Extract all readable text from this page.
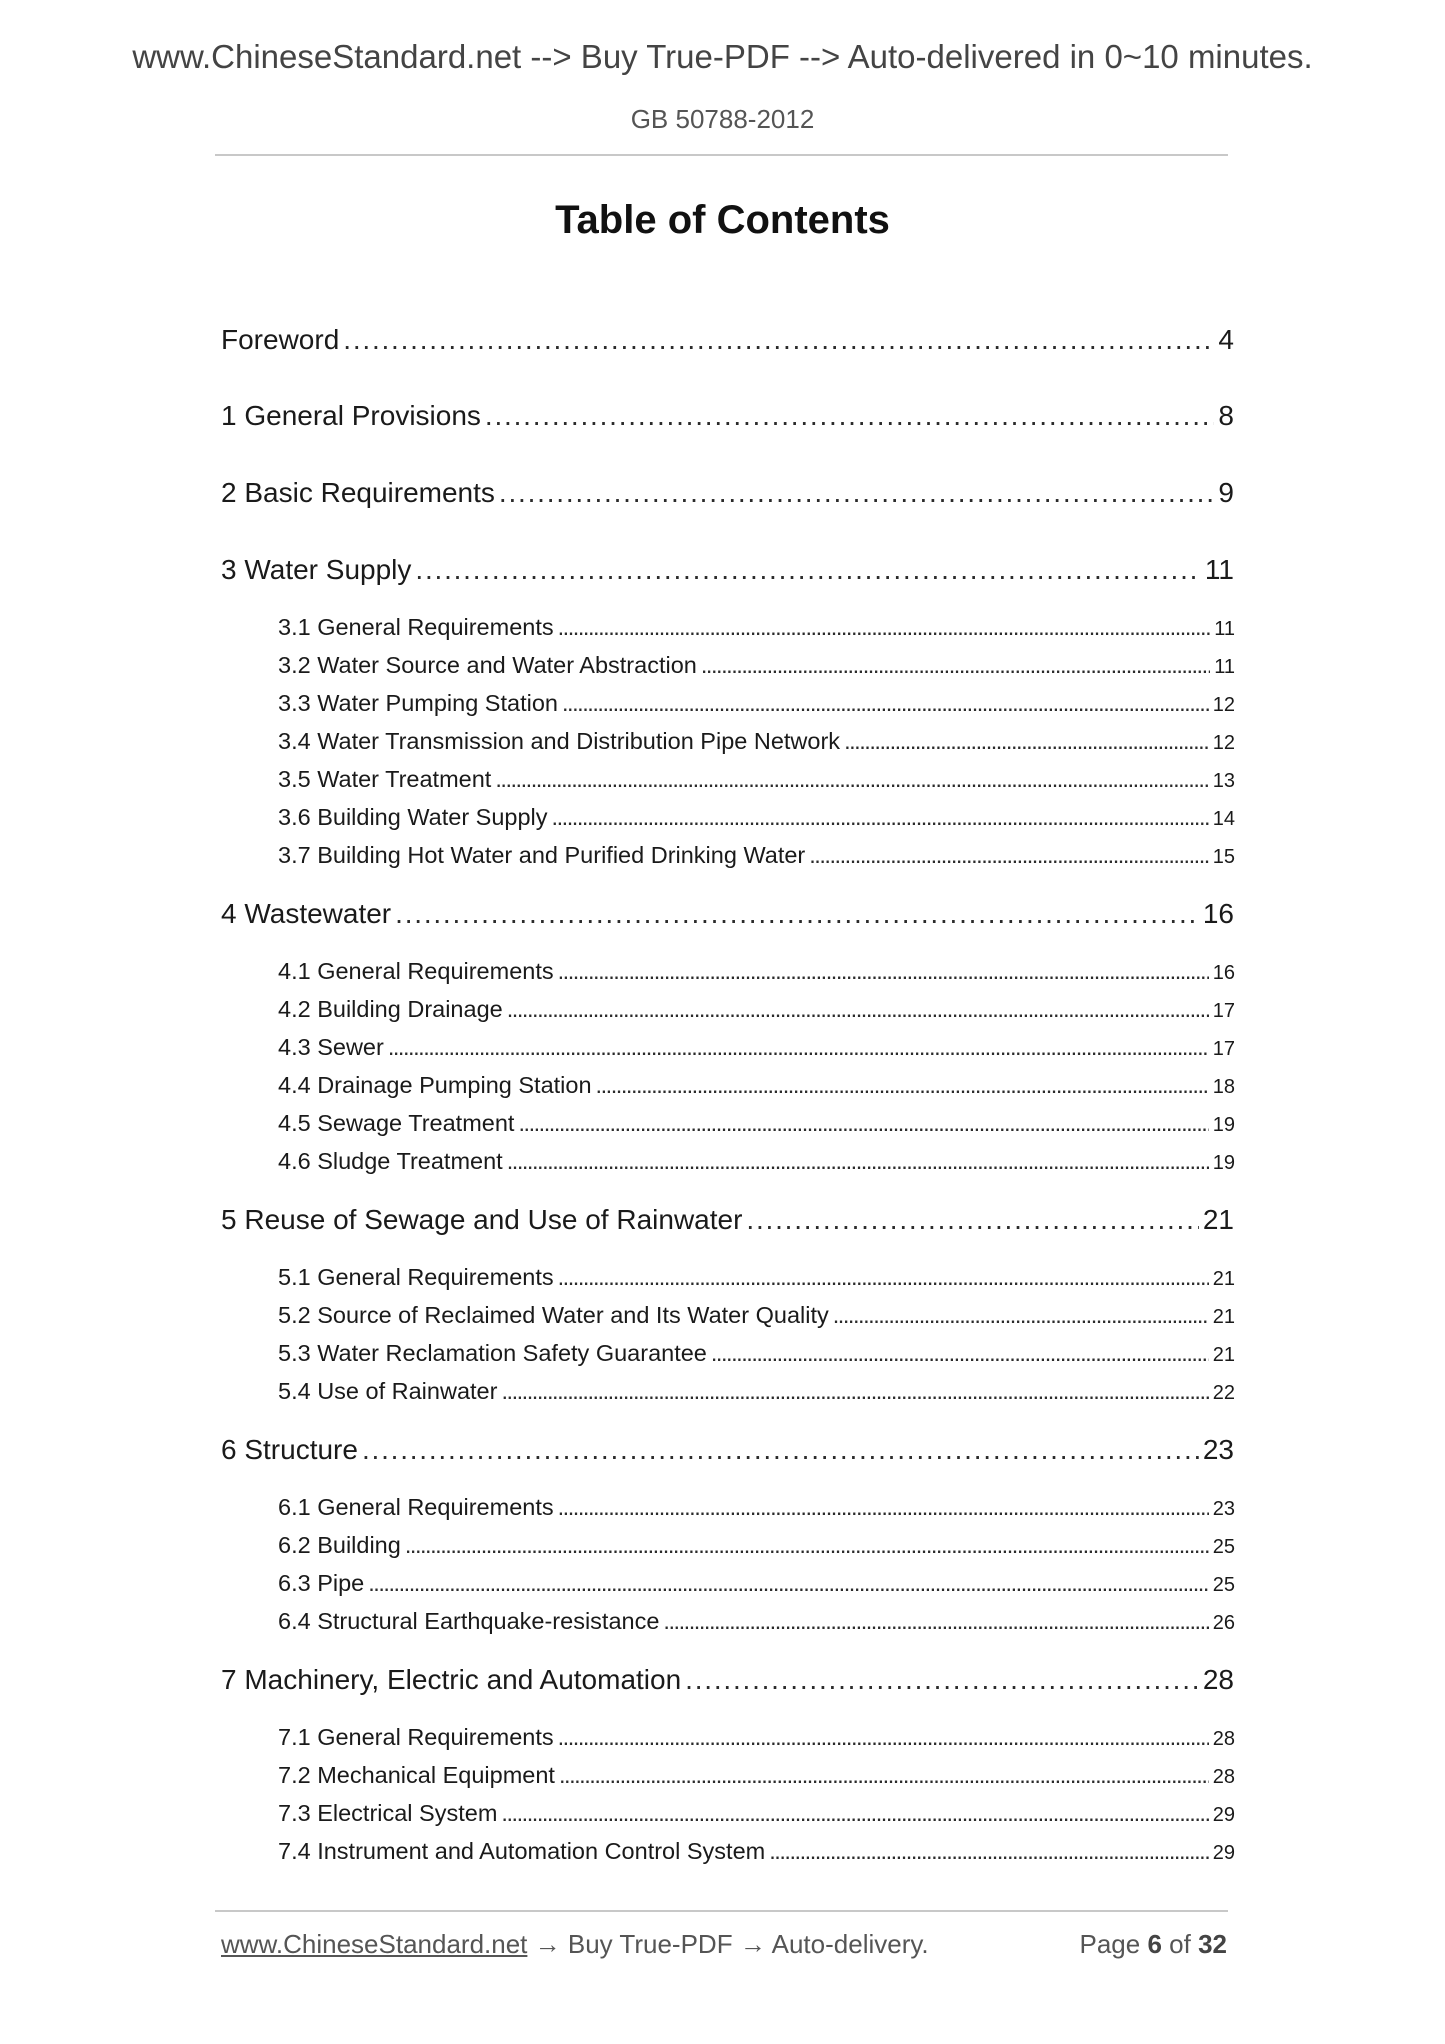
www.ChineseStandard.net --> Buy True-PDF --> Auto-delivered in 0~10 minutes.
GB 50788-2012
Table of Contents
Foreword . . .	4
1 General Provisions . . .	8
2 Basic Requirements . . .	9
3 Water Supply . . .	11
3.1 General Requirements . . .	11
3.2 Water Source and Water Abstraction . . .	11
3.3 Water Pumping Station . . .	12
3.4 Water Transmission and Distribution Pipe Network . . .	12
3.5 Water Treatment . . .	13
3.6 Building Water Supply . . .	14
3.7 Building Hot Water and Purified Drinking Water . . .	15
4 Wastewater . . .	16
4.1 General Requirements . . .	16
4.2 Building Drainage . . .	17
4.3 Sewer . . .	17
4.4 Drainage Pumping Station . . .	18
4.5 Sewage Treatment . . .	19
4.6 Sludge Treatment . . .	19
5 Reuse of Sewage and Use of Rainwater . . .	21
5.1 General Requirements . . .	21
5.2 Source of Reclaimed Water and Its Water Quality . . .	21
5.3 Water Reclamation Safety Guarantee . . .	21
5.4 Use of Rainwater . . .	22
6 Structure . . .	23
6.1 General Requirements . . .	23
6.2 Building . . .	25
6.3 Pipe . . .	25
6.4 Structural Earthquake-resistance . . .	26
7 Machinery, Electric and Automation . . .	28
7.1 General Requirements . . .	28
7.2 Mechanical Equipment . . .	28
7.3 Electrical System . . .	29
7.4 Instrument and Automation Control System . . .	29
www.ChineseStandard.net → Buy True-PDF → Auto-delivery.	Page 6 of 32
